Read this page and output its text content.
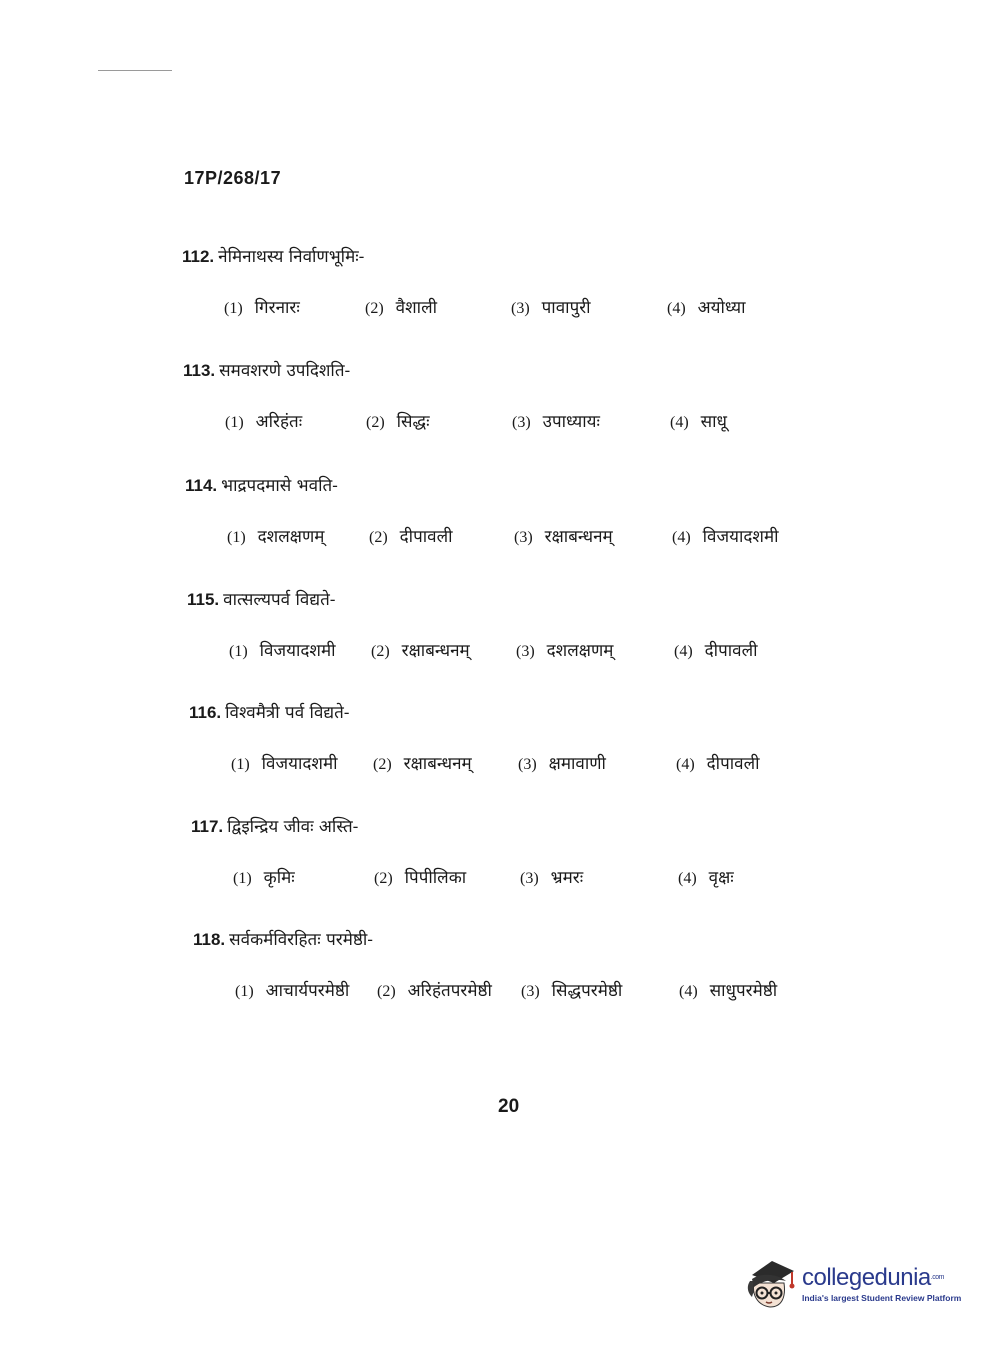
17P/268/17
112. नेमिनाथस्य निर्वाणभूमिः-
(1) गिरनारः	(2) वैशाली	(3) पावापुरी	(4) अयोध्या
113. समवशरणे उपदिशति-
(1) अरिहंतः	(2) सिद्धः	(3) उपाध्यायः	(4) साधू
114. भाद्रपदमासे भवति-
(1) दशलक्षणम्	(2) दीपावली	(3) रक्षाबन्धनम्	(4) विजयादशमी
115. वात्सल्यपर्व विद्यते-
(1) विजयादशमी (2) रक्षाबन्धनम्	(3) दशलक्षणम्	(4) दीपावली
116. विश्वमैत्री पर्व विद्यते-
(1) विजयादशमी (2) रक्षाबन्धनम्	(3) क्षमावाणी	(4) दीपावली
117. द्विइन्द्रिय जीवः अस्ति-
(1) कृमिः	(2) पिपीलिका	(3) भ्रमरः	(4) वृक्षः
118. सर्वकर्मविरहितः परमेष्ठी-
(1) आचार्यपरमेष्ठी (2) अरिहंतपरमेष्ठी (3) सिद्धपरमेष्ठी	(4) साधुपरमेष्ठी
20
collegedunia$^{.com}$
India's largest Student Review Platform
